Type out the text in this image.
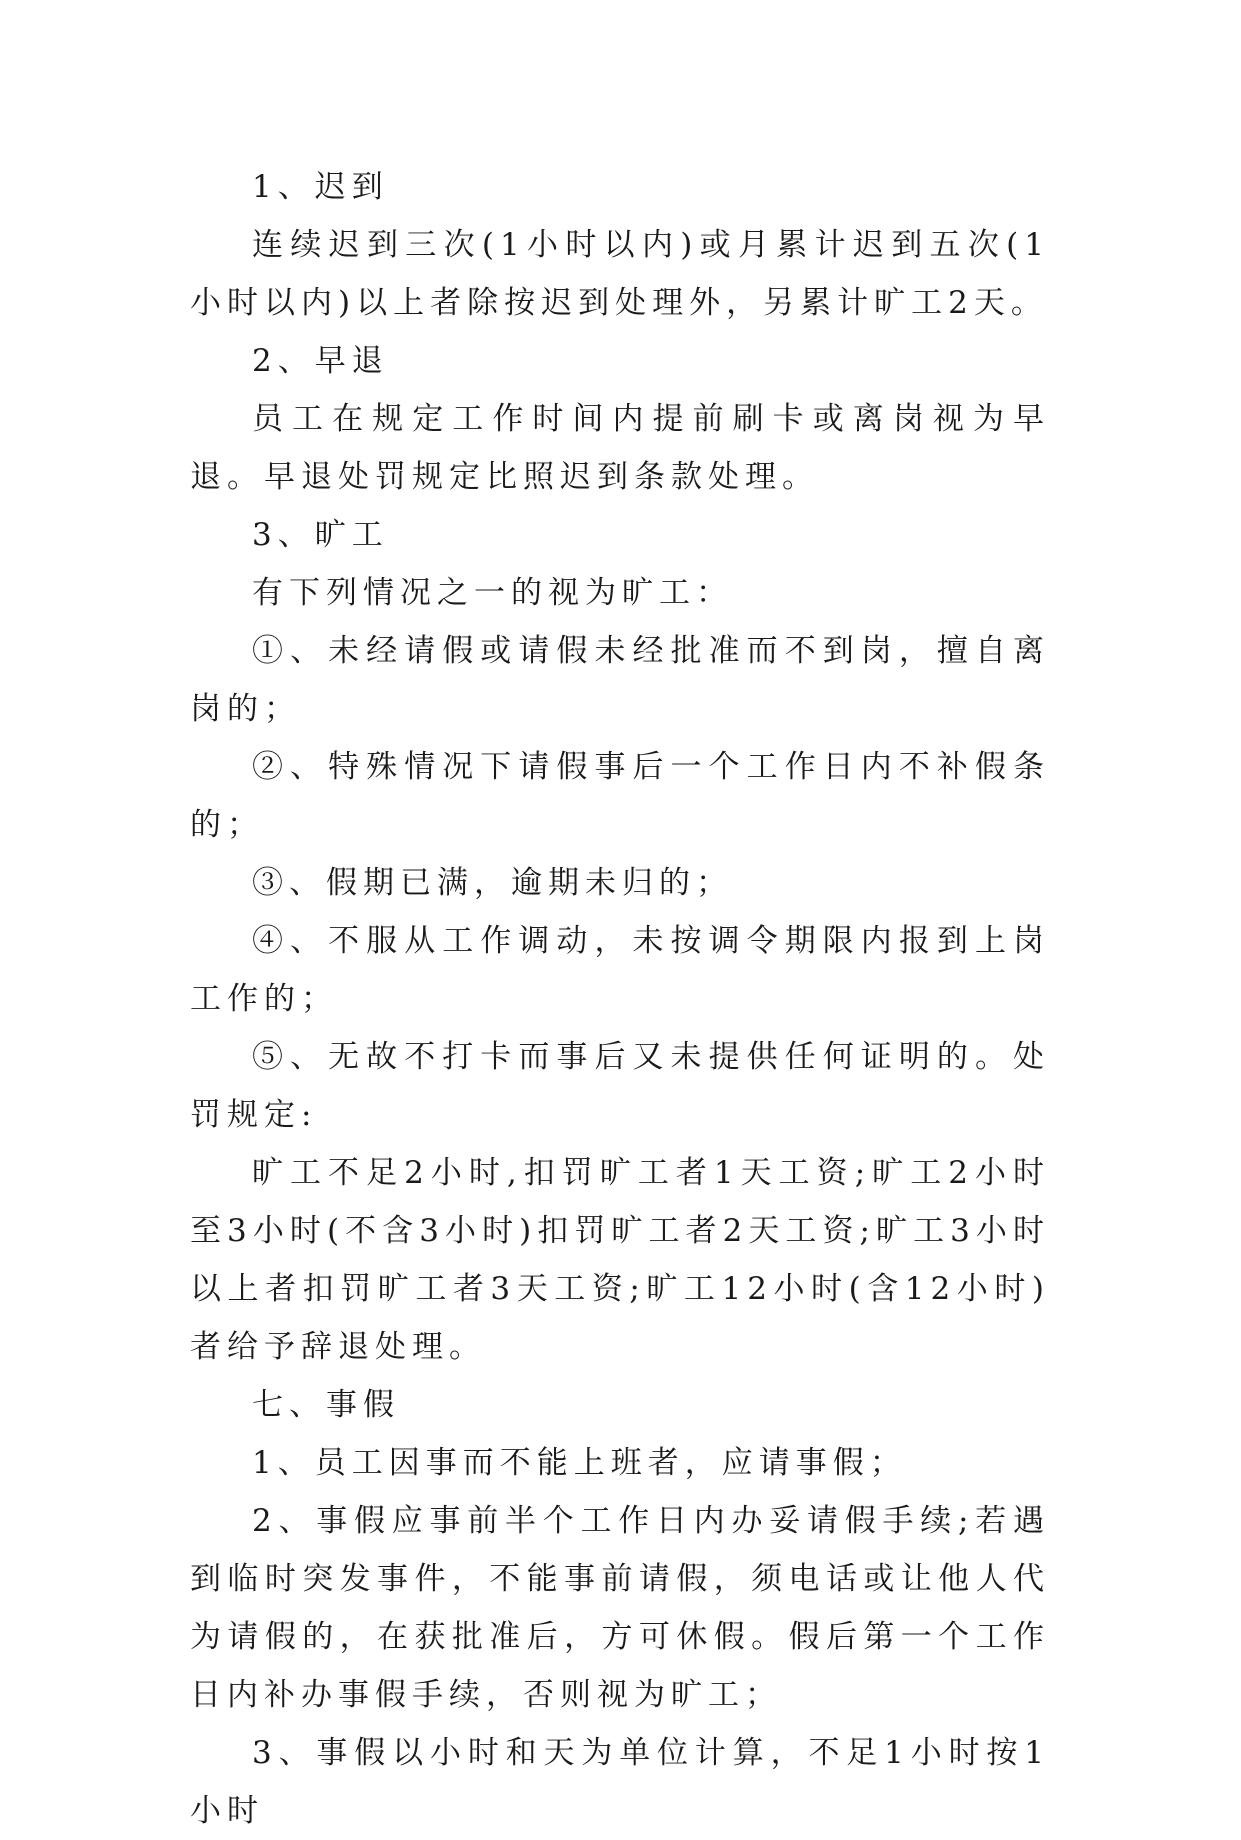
1、迟到

连续迟到三次(1小时以内)或月累计迟到五次(1小时以内)以上者除按迟到处理外，另累计旷工2天。

2、早退

员工在规定工作时间内提前刷卡或离岗视为早退。早退处罚规定比照迟到条款处理。

3、旷工

有下列情况之一的视为旷工：

①、未经请假或请假未经批准而不到岗，擅自离岗的；

②、特殊情况下请假事后一个工作日内不补假条的；

③、假期已满，逾期未归的；

④、不服从工作调动，未按调令期限内报到上岗工作的；

⑤、无故不打卡而事后又未提供任何证明的。处罚规定:

旷工不足2小时,扣罚旷工者1天工资;旷工2小时至3小时(不含3小时)扣罚旷工者2天工资;旷工3小时以上者扣罚旷工者3天工资;旷工12小时(含12小时)者给予辞退处理。

七、事假

1、员工因事而不能上班者，应请事假；

2、事假应事前半个工作日内办妥请假手续;若遇到临时突发事件，不能事前请假，须电话或让他人代为请假的，在获批准后，方可休假。假后第一个工作日内补办事假手续，否则视为旷工；

3、事假以小时和天为单位计算，不足1小时按1小时
